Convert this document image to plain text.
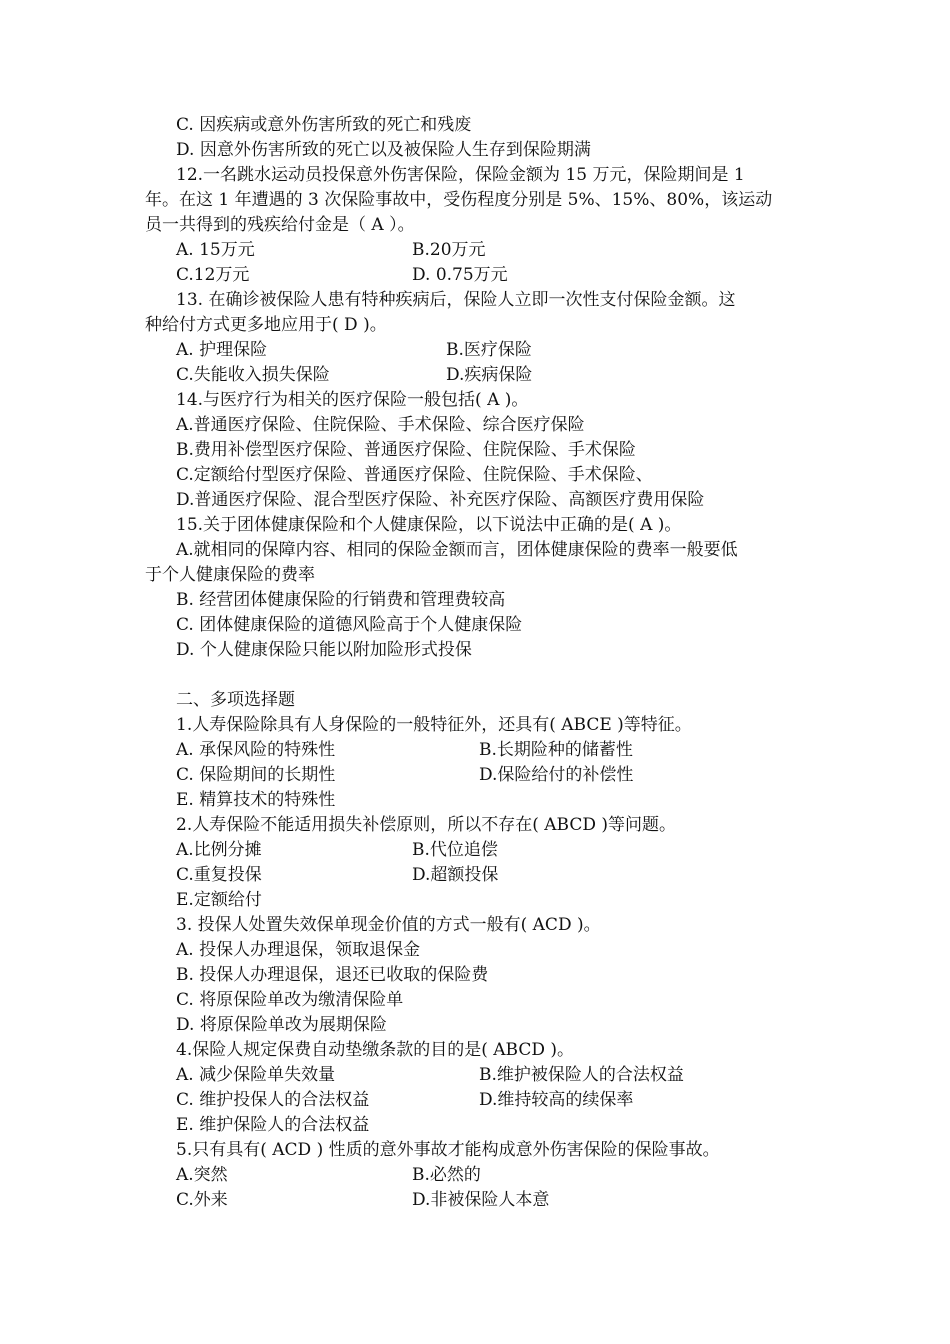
C. 因疾病或意外伤害所致的死亡和残废
D. 因意外伤害所致的死亡以及被保险人生存到保险期满
12.一名跳水运动员投保意外伤害保险，保险金额为 15 万元，保险期间是 1
年。在这 1 年遭遇的 3 次保险事故中，受伤程度分别是 5%、15%、80%，该运动
员一共得到的残疾给付金是（ A ）。
A. 15万元	B.20万元
C.12万元	D. 0.75万元
13. 在确诊被保险人患有特种疾病后，保险人立即一次性支付保险金额。这
种给付方式更多地应用于( D )。
A. 护理保险	B.医疗保险
C.失能收入损失保险	D.疾病保险
14.与医疗行为相关的医疗保险一般包括( A )。
A.普通医疗保险、住院保险、手术保险、综合医疗保险
B.费用补偿型医疗保险、普通医疗保险、住院保险、手术保险
C.定额给付型医疗保险、普通医疗保险、住院保险、手术保险、
D.普通医疗保险、混合型医疗保险、补充医疗保险、高额医疗费用保险
15.关于团体健康保险和个人健康保险，以下说法中正确的是( A )。
A.就相同的保障内容、相同的保险金额而言，团体健康保险的费率一般要低
于个人健康保险的费率
B. 经营团体健康保险的行销费和管理费较高
C. 团体健康保险的道德风险高于个人健康保险
D. 个人健康保险只能以附加险形式投保
二、多项选择题
1.人寿保险除具有人身保险的一般特征外，还具有( ABCE )等特征。
A. 承保风险的特殊性	B.长期险种的储蓄性
C. 保险期间的长期性	D.保险给付的补偿性
E. 精算技术的特殊性
2.人寿保险不能适用损失补偿原则，所以不存在( ABCD )等问题。
A.比例分摊	B.代位追偿
C.重复投保	D.超额投保
E.定额给付
3. 投保人处置失效保单现金价值的方式一般有( ACD )。
A. 投保人办理退保，领取退保金
B. 投保人办理退保，退还已收取的保险费
C. 将原保险单改为缴清保险单
D. 将原保险单改为展期保险
4.保险人规定保费自动垫缴条款的目的是( ABCD )。
A. 减少保险单失效量	B.维护被保险人的合法权益
C. 维护投保人的合法权益	D.维持较高的续保率
E. 维护保险人的合法权益
5.只有具有( ACD ) 性质的意外事故才能构成意外伤害保险的保险事故。
A.突然	B.必然的
C.外来	D.非被保险人本意
